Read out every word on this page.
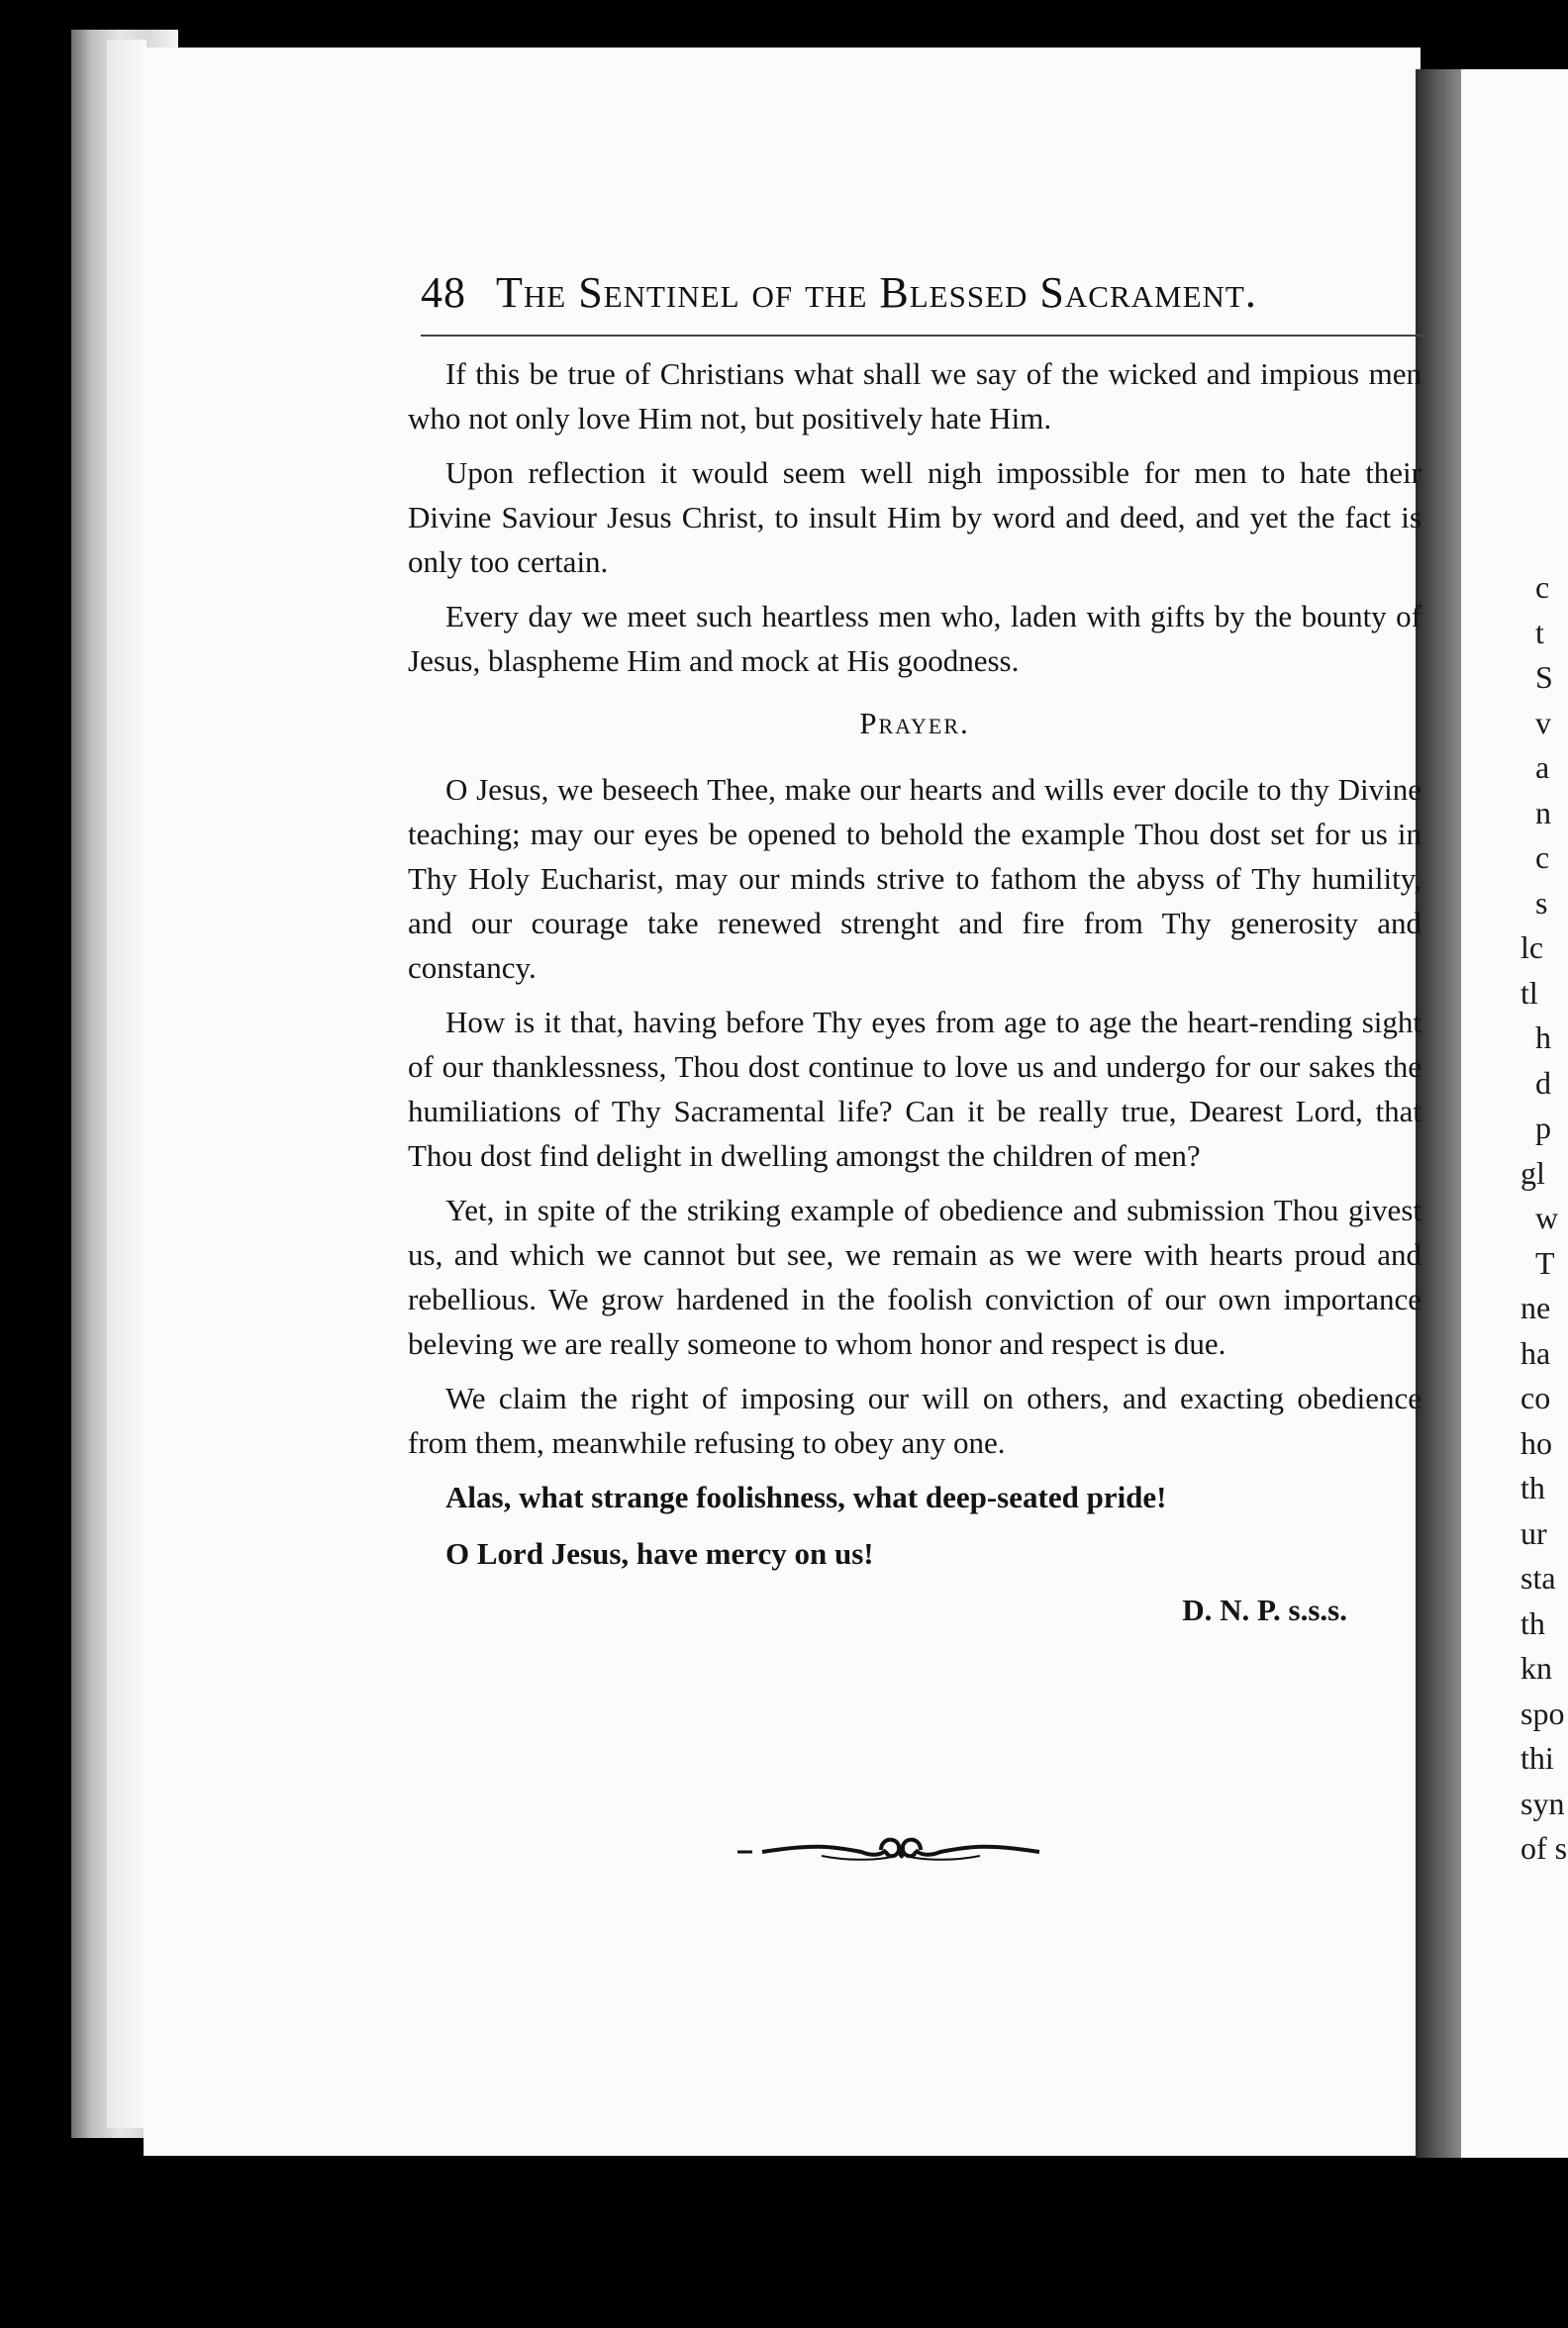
c
t
S
v
a
n
c
s
lc
tl
h
d
p
gl
w
T
ne
ha
co
ho
th
ur
sta
th
kn
spo
thi
syn
of s
48 The Sentinel of the Blessed Sacrament.

If this be true of Christians what shall we say of the wicked and impious men who not only love Him not, but positively hate Him.

Upon reflection it would seem well nigh impossible for men to hate their Divine Saviour Jesus Christ, to insult Him by word and deed, and yet the fact is only too certain.

Every day we meet such heartless men who, laden with gifts by the bounty of Jesus, blaspheme Him and mock at His goodness.

Prayer.

O Jesus, we beseech Thee, make our hearts and wills ever docile to thy Divine teaching; may our eyes be opened to behold the example Thou dost set for us in Thy Holy Eucharist, may our minds strive to fathom the abyss of Thy humility, and our courage take renewed strenght and fire from Thy generosity and constancy.

How is it that, having before Thy eyes from age to age the heart-rending sight of our thanklessness, Thou dost continue to love us and undergo for our sakes the humiliations of Thy Sacramental life? Can it be really true, Dearest Lord, that Thou dost find delight in dwelling amongst the children of men?

Yet, in spite of the striking example of obedience and submission Thou givest us, and which we cannot but see, we remain as we were with hearts proud and rebellious. We grow hardened in the foolish conviction of our own importance beleving we are really someone to whom honor and respect is due.

We claim the right of imposing our will on others, and exacting obedience from them, meanwhile refusing to obey any one.

Alas, what strange foolishness, what deep-seated pride!

O Lord Jesus, have mercy on us!

D. N. P. s.s.s.
